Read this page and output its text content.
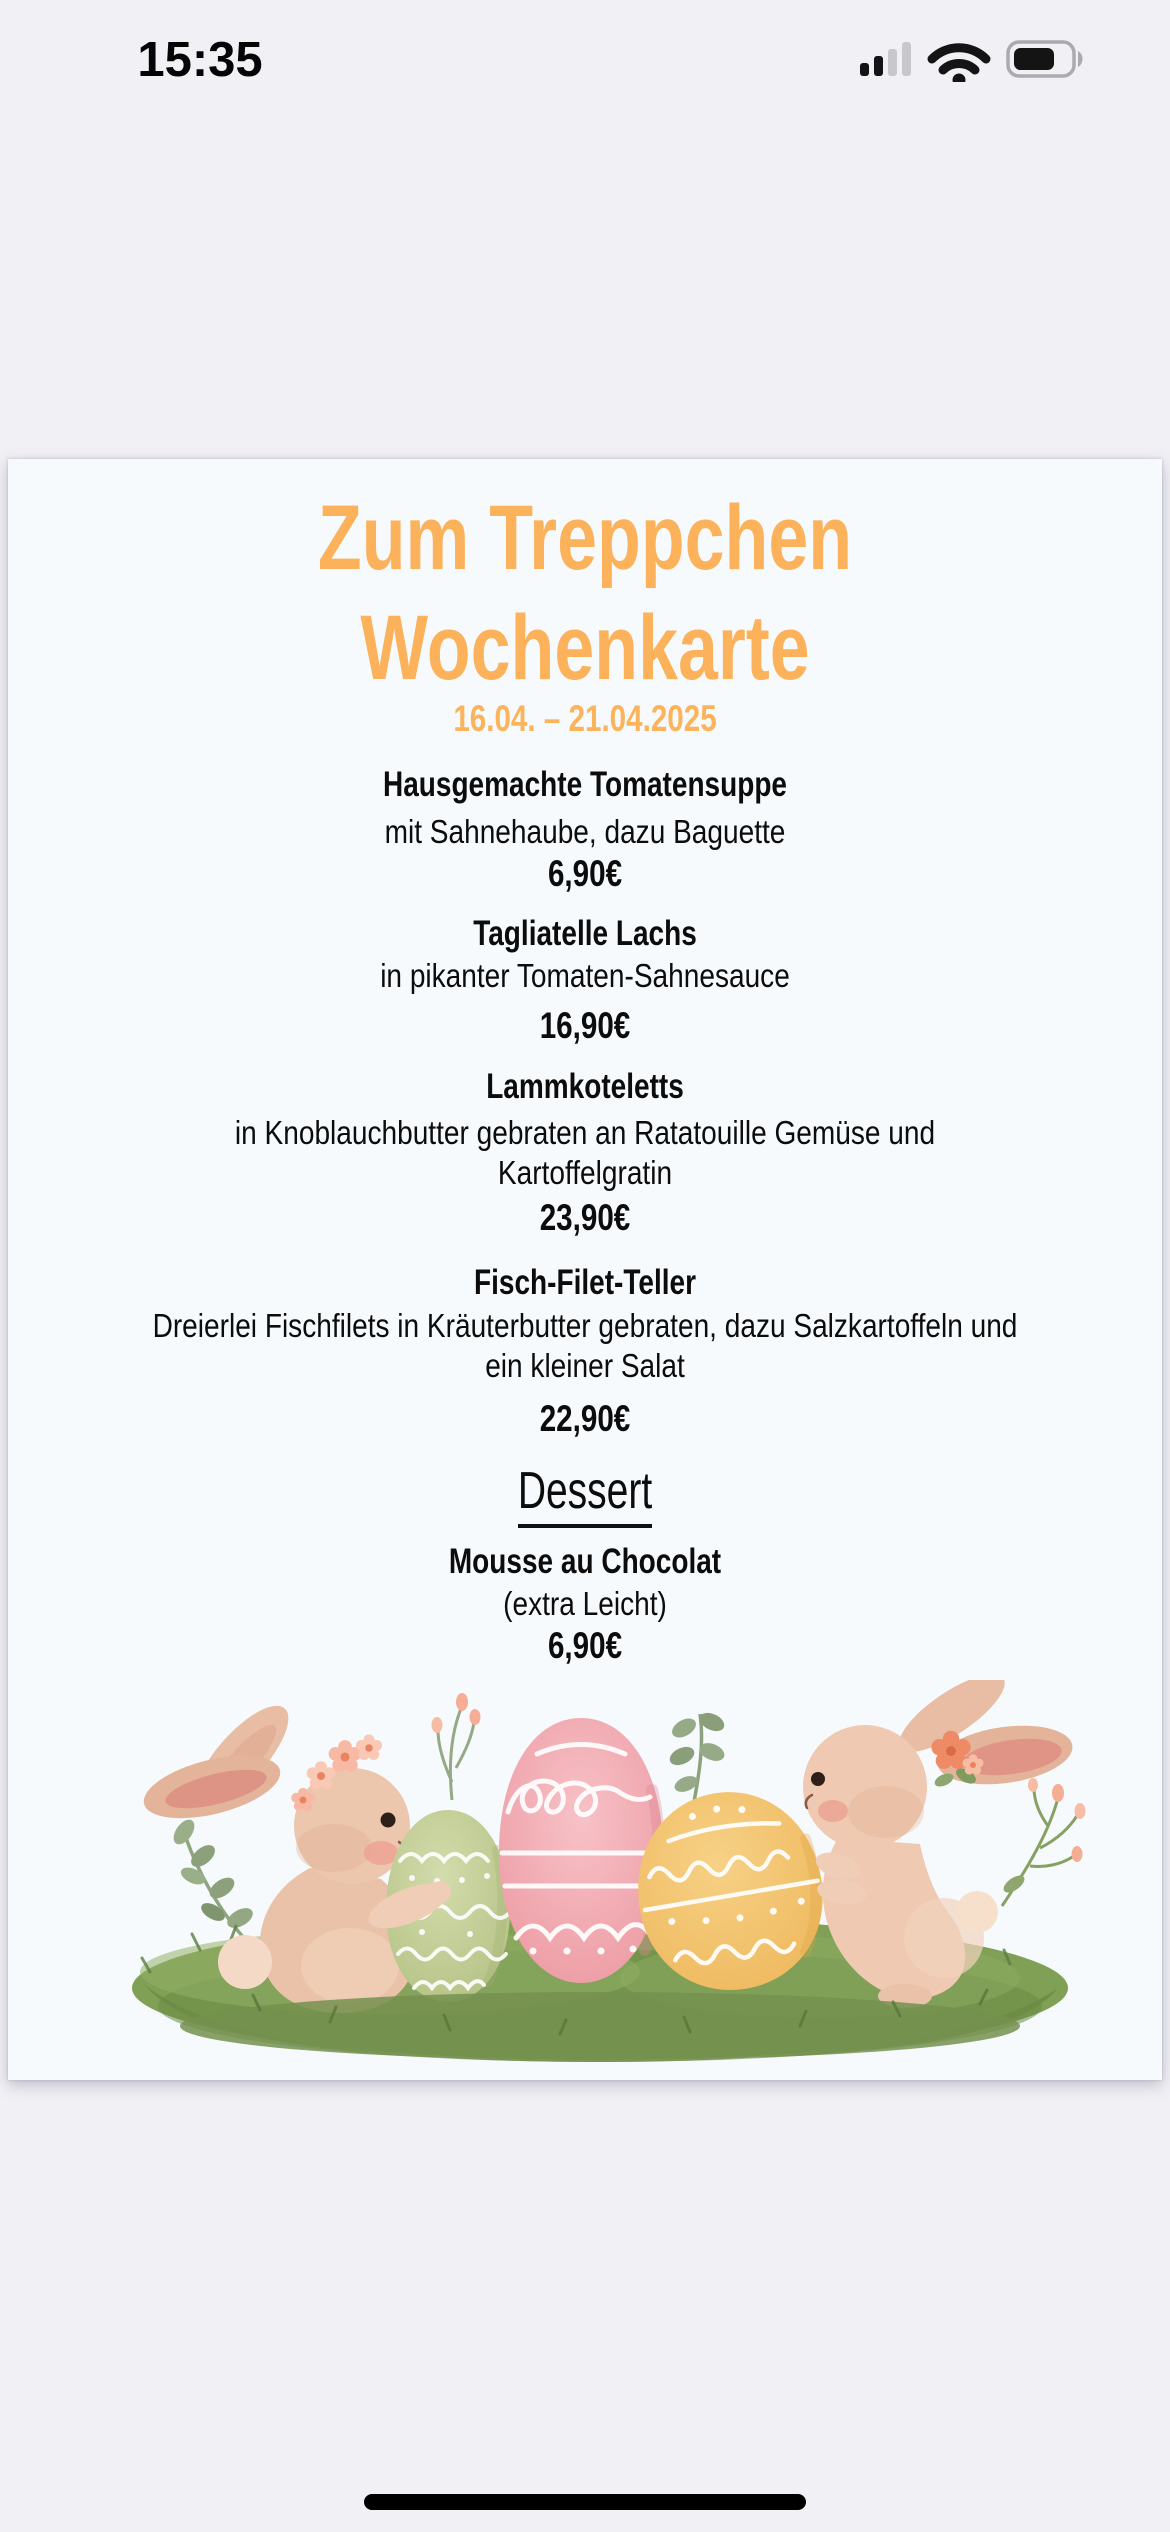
15:35
Zum Treppchen
Wochenkarte
16.04. – 21.04.2025
Hausgemachte Tomatensuppe
mit Sahnehaube, dazu Baguette
6,90€
Tagliatelle Lachs
in pikanter Tomaten-Sahnesauce
16,90€
Lammkoteletts
in Knoblauchbutter gebraten an Ratatouille Gemüse und
Kartoffelgratin
23,90€
Fisch-Filet-Teller
Dreierlei Fischfilets in Kräuterbutter gebraten, dazu Salzkartoffeln und
ein kleiner Salat
22,90€
Dessert
Mousse au Chocolat
(extra Leicht)
6,90€
